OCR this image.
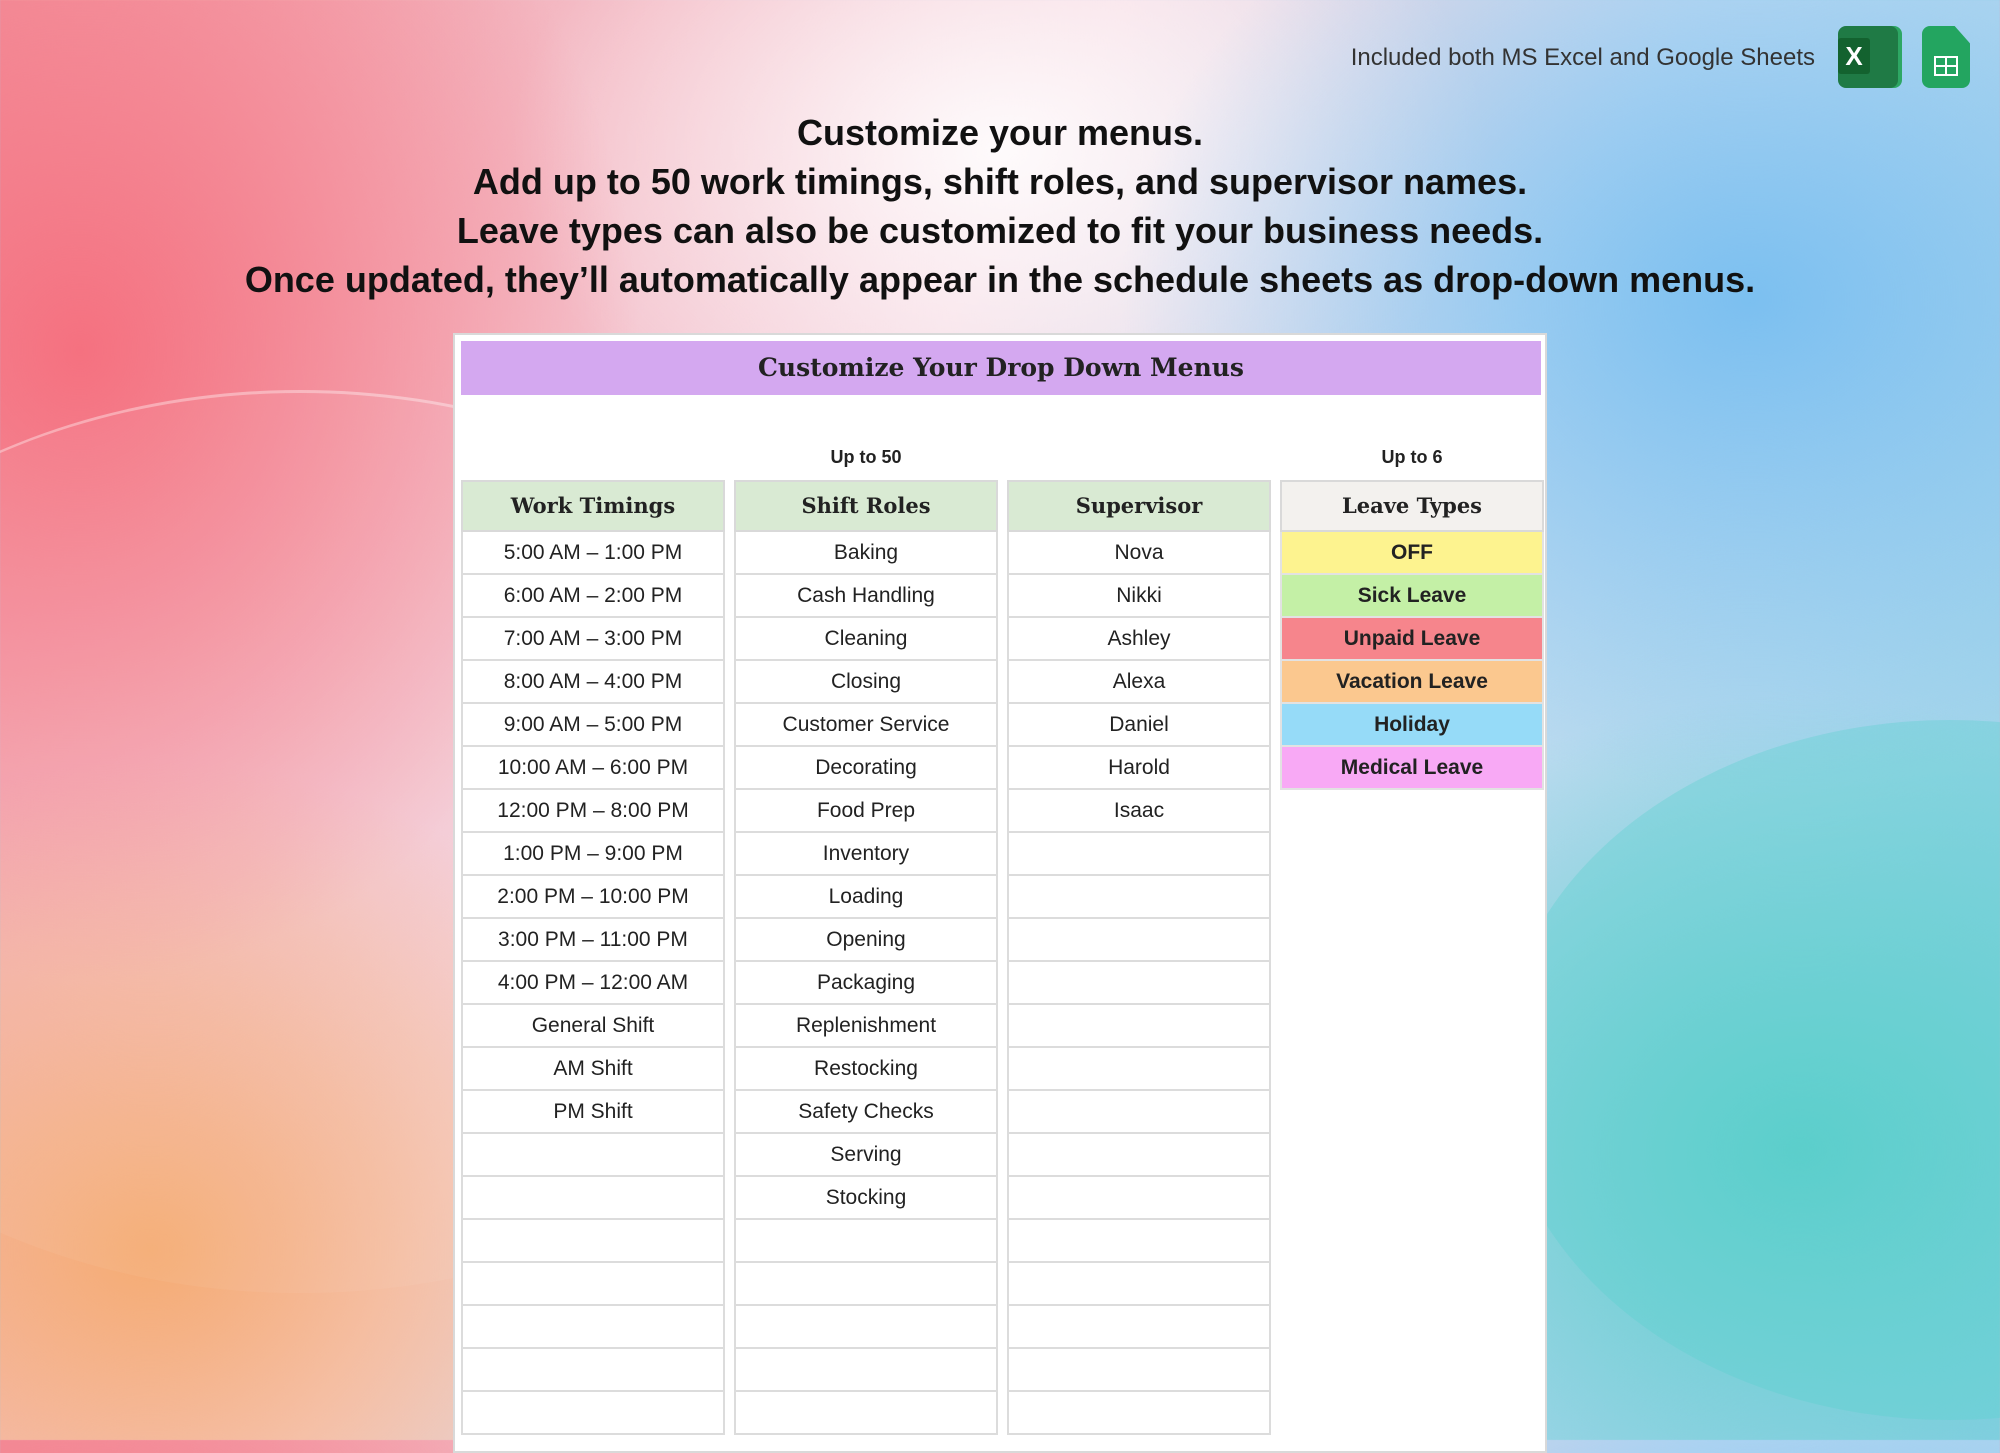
Included both MS Excel and Google Sheets X
Customize your menus.
Add up to 50 work timings, shift roles, and supervisor names.
Leave types can also be customized to fit your business needs.
Once updated, they’ll automatically appear in the schedule sheets as drop-down menus.
Customize Your Drop Down Menus
Work Timings
5:00 AM – 1:00 PM
6:00 AM – 2:00 PM
7:00 AM – 3:00 PM
8:00 AM – 4:00 PM
9:00 AM – 5:00 PM
10:00 AM – 6:00 PM
12:00 PM – 8:00 PM
1:00 PM – 9:00 PM
2:00 PM – 10:00 PM
3:00 PM – 11:00 PM
4:00 PM – 12:00 AM
General Shift
AM Shift
PM Shift
Up to 50
Shift Roles
Baking
Cash Handling
Cleaning
Closing
Customer Service
Decorating
Food Prep
Inventory
Loading
Opening
Packaging
Replenishment
Restocking
Safety Checks
Serving
Stocking
Supervisor
Nova
Nikki
Ashley
Alexa
Daniel
Harold
Isaac
Up to 6
Leave Types
OFF
Sick Leave
Unpaid Leave
Vacation Leave
Holiday
Medical Leave
